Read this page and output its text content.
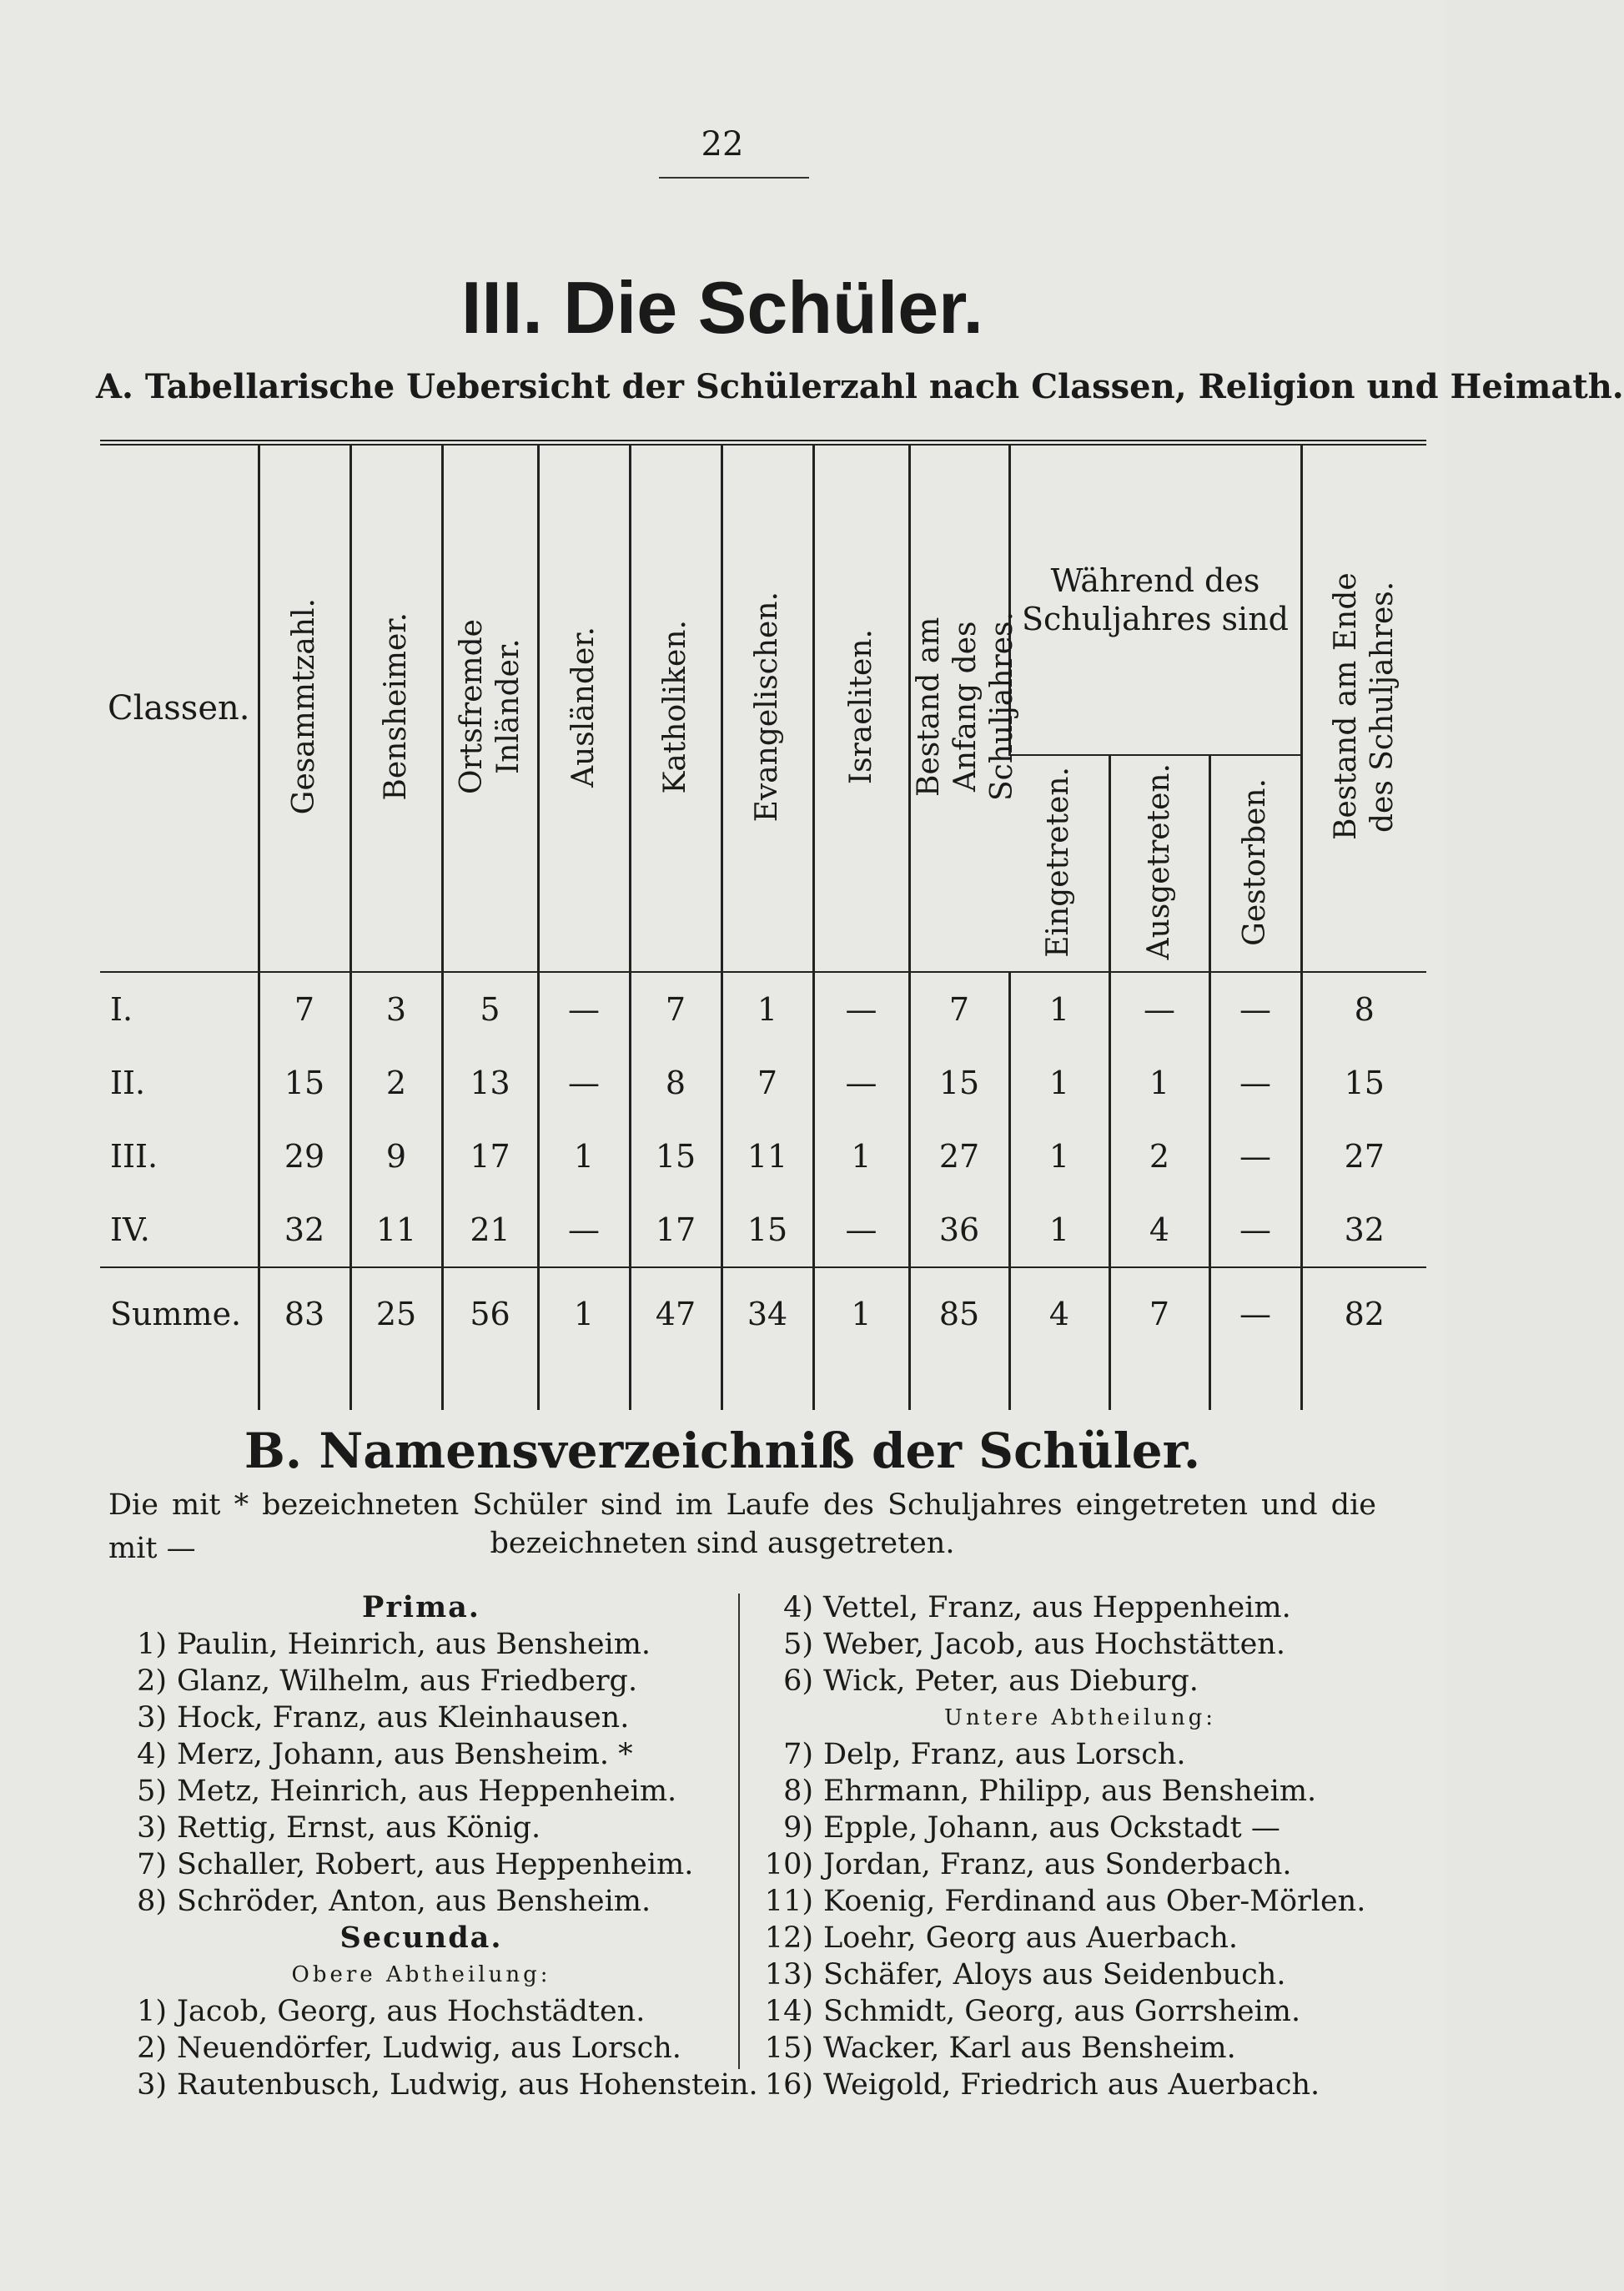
22
III. Die Schüler.
A. Tabellarische Uebersicht der Schülerzahl nach Classen, Religion und Heimath.

Classen.	Gesammtzahl.	Bensheimer.	Ortsfremde Inländer.	Ausländer.	Katholiken.	Evangelischen.	Israeliten.	Bestand am Anfang des Schuljahres.	Während des Schuljahres sind			Bestand am Ende des Schuljahres.
									Eingetreten.	Ausgetreten.	Gestorben.	
I.	7	3	5	—	7	1	—	7	1	—	—	8
II.	15	2	13	—	8	7	—	15	1	1	—	15
III.	29	9	17	1	15	11	1	27	1	2	—	27
IV.	32	11	21	—	17	15	—	36	1	4	—	32
Summe.	83	25	56	1	47	34	1	85	4	7	—	82

B. Namensverzeichniß der Schüler.
Die mit * bezeichneten Schüler sind im Laufe des Schuljahres eingetreten und die mit —	bezeichneten sind ausgetreten.
Prima.
1) Paulin, Heinrich, aus Bensheim.
2) Glanz, Wilhelm, aus Friedberg.
3) Hock, Franz, aus Kleinhausen.
4) Merz, Johann, aus Bensheim. *
5) Metz, Heinrich, aus Heppenheim.
3) Rettig, Ernst, aus König.
7) Schaller, Robert, aus Heppenheim.
8) Schröder, Anton, aus Bensheim.
Secunda.
Obere Abtheilung:
1) Jacob, Georg, aus Hochstädten.
2) Neuendörfer, Ludwig, aus Lorsch.
3) Rautenbusch, Ludwig, aus Hohenstein.
4) Vettel, Franz, aus Heppenheim.
5) Weber, Jacob, aus Hochstätten.
6) Wick, Peter, aus Dieburg.
Untere Abtheilung:
7) Delp, Franz, aus Lorsch.
8) Ehrmann, Philipp, aus Bensheim.
9) Epple, Johann, aus Ockstadt —
10) Jordan, Franz, aus Sonderbach.
11) Koenig, Ferdinand aus Ober-Mörlen.
12) Loehr, Georg aus Auerbach.
13) Schäfer, Aloys aus Seidenbuch.
14) Schmidt, Georg, aus Gorrsheim.
15) Wacker, Karl aus Bensheim.
16) Weigold, Friedrich aus Auerbach.
